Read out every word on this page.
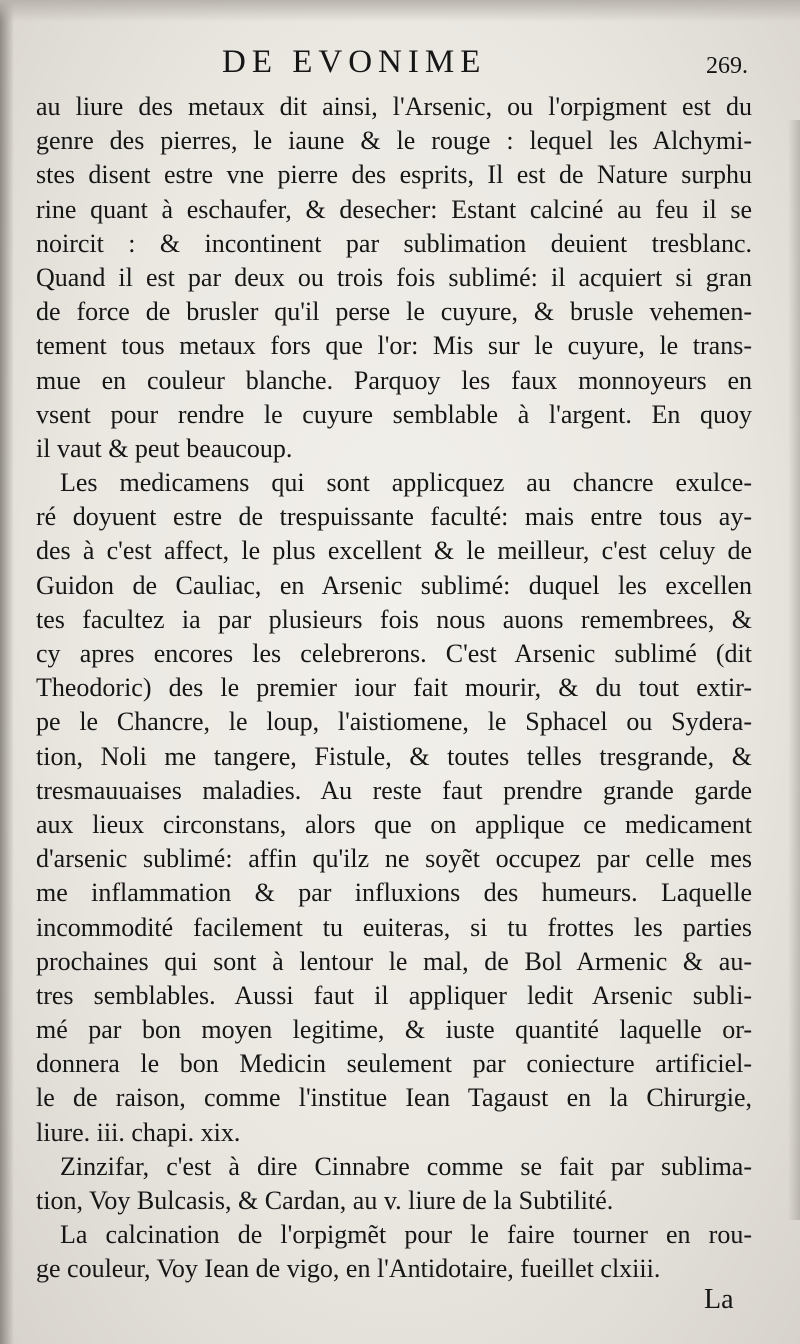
DE EVONIME	269.
au liure des metaux dit ainsi, l'Arsenic, ou l'orpigment est du
genre des pierres, le iaune & le rouge : lequel les Alchymi-
stes disent estre vne pierre des esprits, Il est de Nature surphu
rine quant à eschaufer, & desecher: Estant calciné au feu il se
noircit : & incontinent par sublimation deuient tresblanc.
Quand il est par deux ou trois fois sublimé: il acquiert si gran
de force de brusler qu'il perse le cuyure, & brusle vehemen-
tement tous metaux fors que l'or: Mis sur le cuyure, le trans-
mue en couleur blanche. Parquoy les faux monnoyeurs en
vsent pour rendre le cuyure semblable à l'argent. En quoy
il vaut & peut beaucoup.
Les medicamens qui sont applicquez au chancre exulce-
ré doyuent estre de trespuissante faculté: mais entre tous ay-
des à c'est affect, le plus excellent & le meilleur, c'est celuy de
Guidon de Cauliac, en Arsenic sublimé: duquel les excellen
tes facultez ia par plusieurs fois nous auons remembrees, &
cy apres encores les celebrerons. C'est Arsenic sublimé (dit
Theodoric) des le premier iour fait mourir, & du tout extir-
pe le Chancre, le loup, l'aistiomene, le Sphacel ou Sydera-
tion, Noli me tangere, Fistule, & toutes telles tresgrande, &
tresmauuaises maladies. Au reste faut prendre grande garde
aux lieux circonstans, alors que on applique ce medicament
d'arsenic sublimé: affin qu'ilz ne soyẽt occupez par celle mes
me inflammation & par influxions des humeurs. Laquelle
incommodité facilement tu euiteras, si tu frottes les parties
prochaines qui sont à lentour le mal, de Bol Armenic & au-
tres semblables. Aussi faut il appliquer ledit Arsenic subli-
mé par bon moyen legitime, & iuste quantité laquelle or-
donnera le bon Medicin seulement par coniecture artificiel-
le de raison, comme l'institue Iean Tagaust en la Chirurgie,
liure. iii. chapi. xix.
Zinzifar, c'est à dire Cinnabre comme se fait par sublima-
tion, Voy Bulcasis, & Cardan, au v. liure de la Subtilité.
La calcination de l'orpigmẽt pour le faire tourner en rou-
ge couleur, Voy Iean de vigo, en l'Antidotaire, fueillet clxiii.
La
